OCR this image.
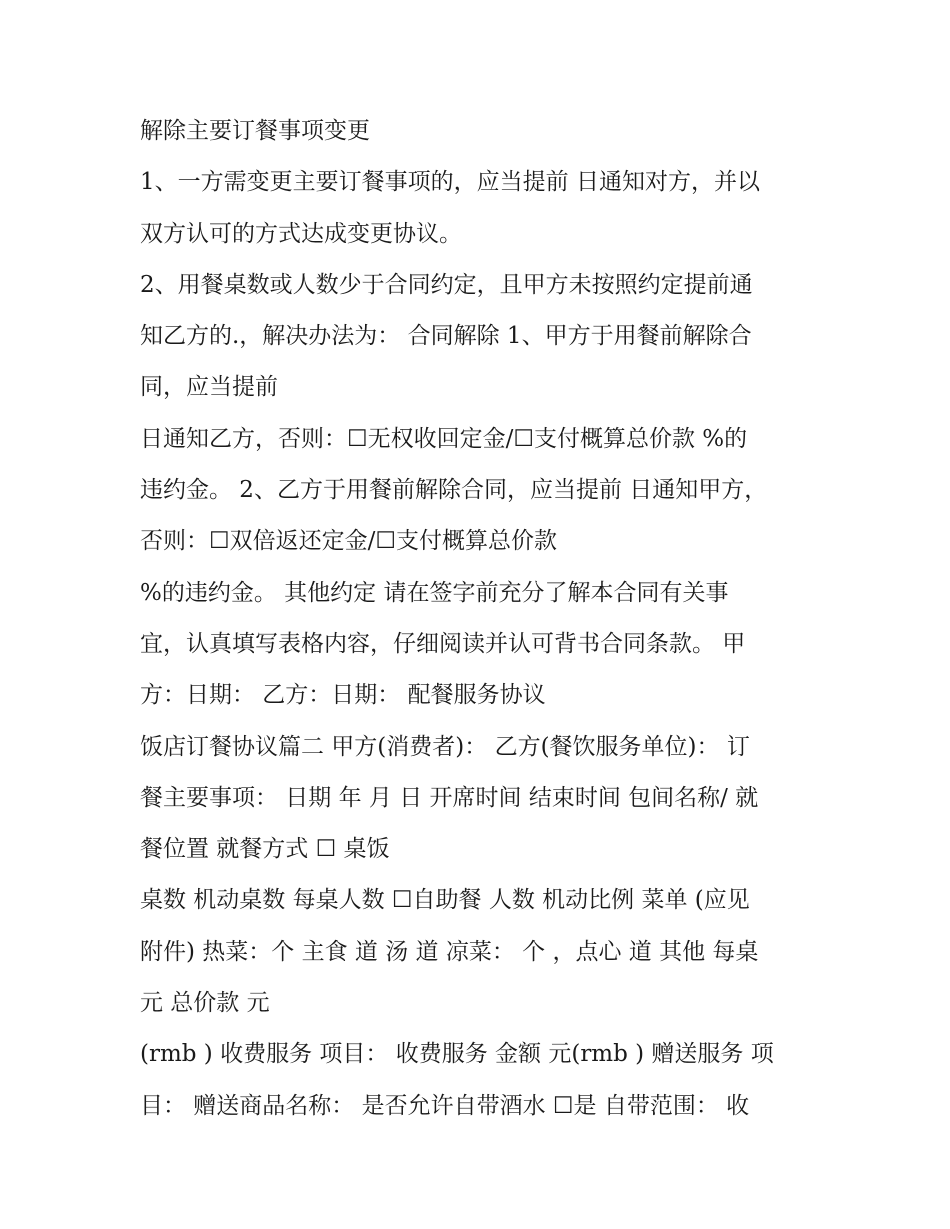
解除主要订餐事项变更
1、一方需变更主要订餐事项的，应当提前 日通知对方，并以
双方认可的方式达成变更协议。
2、用餐桌数或人数少于合同约定，且甲方未按照约定提前通
知乙方的.，解决办法为： 合同解除 1、甲方于用餐前解除合
同，应当提前
日通知乙方，否则：☐无权收回定金/☐支付概算总价款 %的
违约金。 2、乙方于用餐前解除合同，应当提前 日通知甲方，
否则：☐双倍返还定金/☐支付概算总价款
%的违约金。 其他约定 请在签字前充分了解本合同有关事
宜，认真填写表格内容，仔细阅读并认可背书合同条款。 甲
方：日期： 乙方：日期： 配餐服务协议
饭店订餐协议篇二 甲方(消费者)： 乙方(餐饮服务单位)： 订
餐主要事项： 日期 年 月 日 开席时间 结束时间 包间名称/ 就
餐位置 就餐方式 ☐ 桌饭
桌数 机动桌数 每桌人数 ☐自助餐 人数 机动比例 菜单 (应见
附件) 热菜：个 主食 道 汤 道 凉菜： 个 ，点心 道 其他 每桌
元 总价款 元
(rmb ) 收费服务 项目： 收费服务 金额 元(rmb ) 赠送服务 项
目： 赠送商品名称： 是否允许自带酒水 ☐是 自带范围： 收
